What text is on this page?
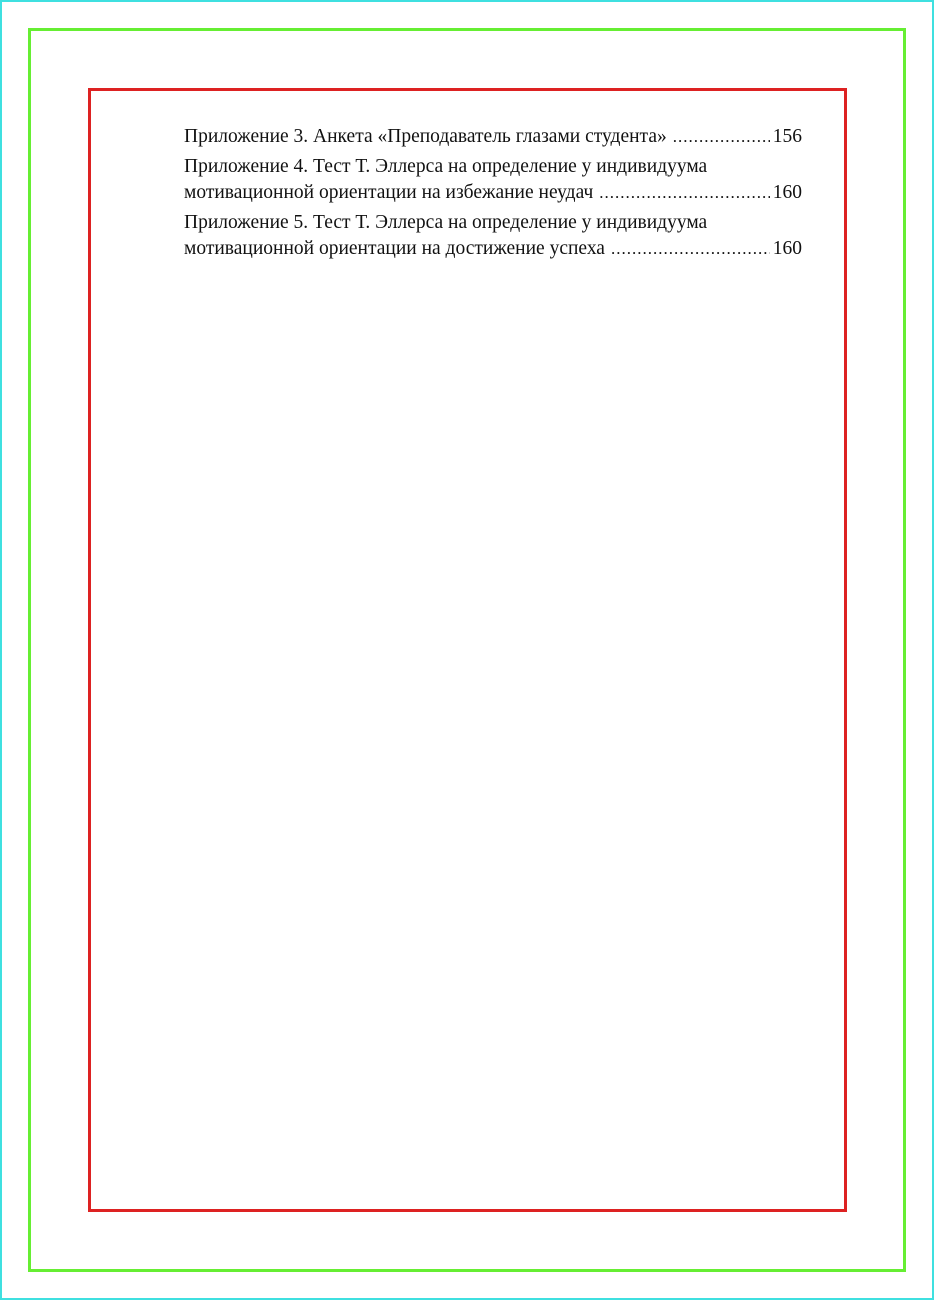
Приложение 3. Анкета «Преподаватель глазами студента» .....	156
Приложение 4. Тест Т. Эллерса на определение у индивидуума
мотивационной ориентации на избежание неудач .....	160
Приложение 5. Тест Т. Эллерса на определение у индивидуума
мотивационной ориентации на достижение успеха .....	160
